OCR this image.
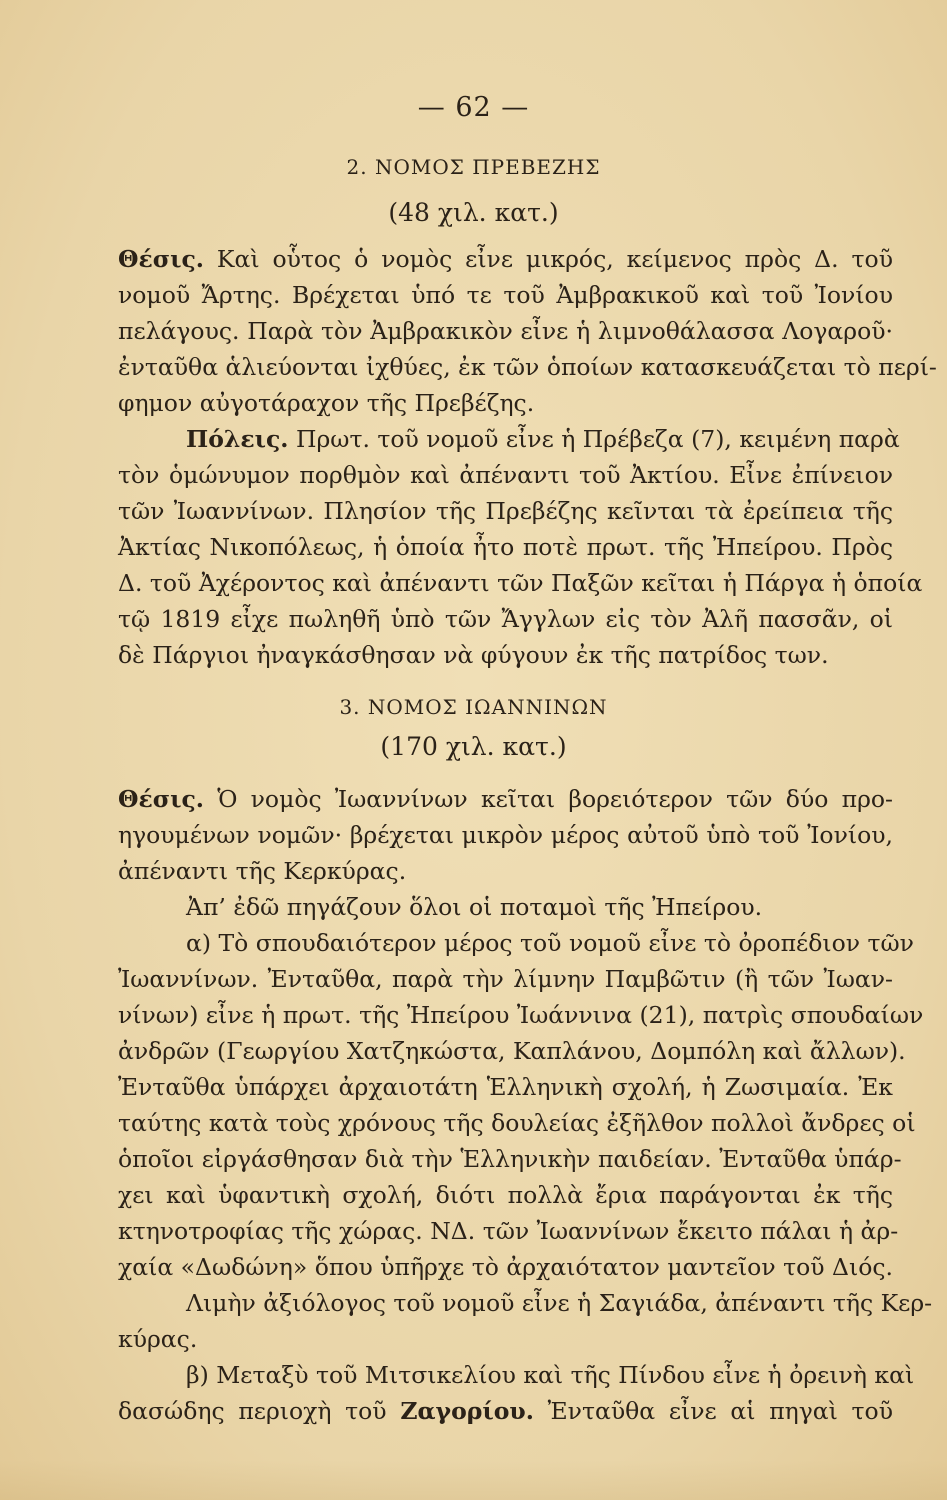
— 62 —
2. ΝΟΜΟΣ ΠΡΕΒΕΖΗΣ
(48 χιλ. κατ.)
Θέσις. Καὶ οὗτος ὁ νομὸς εἶνε μικρός, κείμενος πρὸς Δ. τοῦ
νομοῦ Ἄρτης. Βρέχεται ὑπό τε τοῦ Ἀμβρακικοῦ καὶ τοῦ Ἰονίου
πελάγους. Παρὰ τὸν Ἀμβρακικὸν εἶνε ἡ λιμνοθάλασσα Λογαροῦ·
ἐνταῦθα ἁλιεύονται ἰχθύες, ἐκ τῶν ὁποίων κατασκευάζεται τὸ περί-
φημον αὐγοτάραχον τῆς Πρεβέζης.
Πόλεις. Πρωτ. τοῦ νομοῦ εἶνε ἡ Πρέβεζα (7), κειμένη παρὰ
τὸν ὁμώνυμον πορθμὸν καὶ ἀπέναντι τοῦ Ἀκτίου. Εἶνε ἐπίνειον
τῶν Ἰωαννίνων. Πλησίον τῆς Πρεβέζης κεῖνται τὰ ἐρείπεια τῆς
Ἀκτίας Νικοπόλεως, ἡ ὁποία ἦτο ποτὲ πρωτ. τῆς Ἠπείρου. Πρὸς
Δ. τοῦ Ἀχέροντος καὶ ἀπέναντι τῶν Παξῶν κεῖται ἡ Πάργα ἡ ὁποία
τῷ 1819 εἶχε πωληθῆ ὑπὸ τῶν Ἄγγλων εἰς τὸν Ἀλῆ πασσᾶν, οἱ
δὲ Πάργιοι ἠναγκάσθησαν νὰ φύγουν ἐκ τῆς πατρίδος των.
3. ΝΟΜΟΣ ΙΩΑΝΝΙΝΩΝ
(170 χιλ. κατ.)
Θέσις. Ὁ νομὸς Ἰωαννίνων κεῖται βορειότερον τῶν δύο προ-
ηγουμένων νομῶν· βρέχεται μικρὸν μέρος αὐτοῦ ὑπὸ τοῦ Ἰονίου,
ἀπέναντι τῆς Κερκύρας.
Ἀπ’ ἐδῶ πηγάζουν ὅλοι οἱ ποταμοὶ τῆς Ἠπείρου.
α) Τὸ σπουδαιότερον μέρος τοῦ νομοῦ εἶνε τὸ ὀροπέδιον τῶν
Ἰωαννίνων. Ἐνταῦθα, παρὰ τὴν λίμνην Παμβῶτιν (ἢ τῶν Ἰωαν-
νίνων) εἶνε ἡ πρωτ. τῆς Ἠπείρου Ἰωάννινα (21), πατρὶς σπουδαίων
ἀνδρῶν (Γεωργίου Χατζηκώστα, Καπλάνου, Δομπόλη καὶ ἄλλων).
Ἐνταῦθα ὑπάρχει ἀρχαιοτάτη Ἑλληνικὴ σχολή, ἡ Ζωσιμαία. Ἐκ
ταύτης κατὰ τοὺς χρόνους τῆς δουλείας ἐξῆλθον πολλοὶ ἄνδρες οἱ
ὁποῖοι εἰργάσθησαν διὰ τὴν Ἑλληνικὴν παιδείαν. Ἐνταῦθα ὑπάρ-
χει καὶ ὑφαντικὴ σχολή, διότι πολλὰ ἔρια παράγονται ἐκ τῆς
κτηνοτροφίας τῆς χώρας. ΝΔ. τῶν Ἰωαννίνων ἔκειτο πάλαι ἡ ἀρ-
χαία «Δωδώνη» ὅπου ὑπῆρχε τὸ ἀρχαιότατον μαντεῖον τοῦ Διός.
Λιμὴν ἀξιόλογος τοῦ νομοῦ εἶνε ἡ Σαγιάδα, ἀπέναντι τῆς Κερ-
κύρας.
β) Μεταξὺ τοῦ Μιτσικελίου καὶ τῆς Πίνδου εἶνε ἡ ὀρεινὴ καὶ
δασώδης περιοχὴ τοῦ Ζαγορίου. Ἐνταῦθα εἶνε αἱ πηγαὶ τοῦ
